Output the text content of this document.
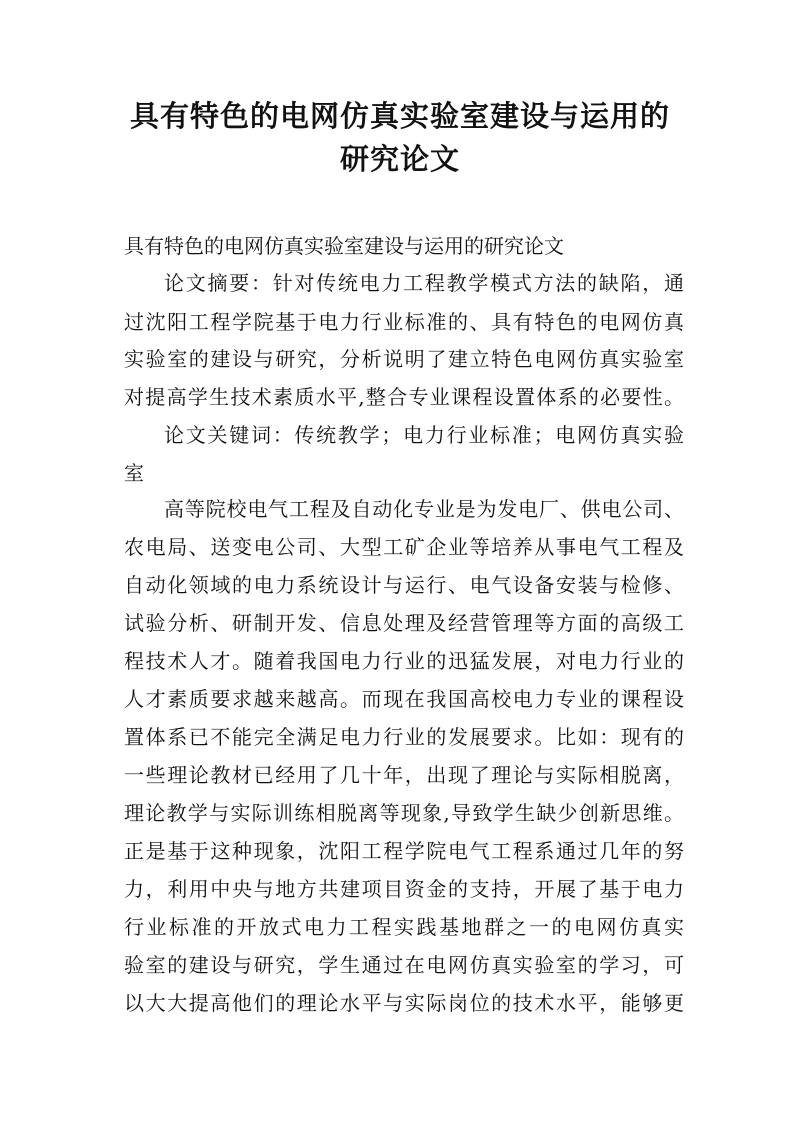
具有特色的电网仿真实验室建设与运用的
研究论文
具有特色的电网仿真实验室建设与运用的研究论文
论文摘要：针对传统电力工程教学模式方法的缺陷，通
过沈阳工程学院基于电力行业标准的、具有特色的电网仿真
实验室的建设与研究，分析说明了建立特色电网仿真实验室
对提高学生技术素质水平,整合专业课程设置体系的必要性。
论文关键词：传统教学；电力行业标准；电网仿真实验
室
高等院校电气工程及自动化专业是为发电厂、供电公司、
农电局、送变电公司、大型工矿企业等培养从事电气工程及
自动化领域的电力系统设计与运行、电气设备安装与检修、
试验分析、研制开发、信息处理及经营管理等方面的高级工
程技术人才。随着我国电力行业的迅猛发展，对电力行业的
人才素质要求越来越高。而现在我国高校电力专业的课程设
置体系已不能完全满足电力行业的发展要求。比如：现有的
一些理论教材已经用了几十年，出现了理论与实际相脱离，
理论教学与实际训练相脱离等现象,导致学生缺少创新思维。
正是基于这种现象，沈阳工程学院电气工程系通过几年的努
力，利用中央与地方共建项目资金的支持，开展了基于电力
行业标准的开放式电力工程实践基地群之一的电网仿真实
验室的建设与研究，学生通过在电网仿真实验室的学习，可
以大大提高他们的理论水平与实际岗位的技术水平，能够更
